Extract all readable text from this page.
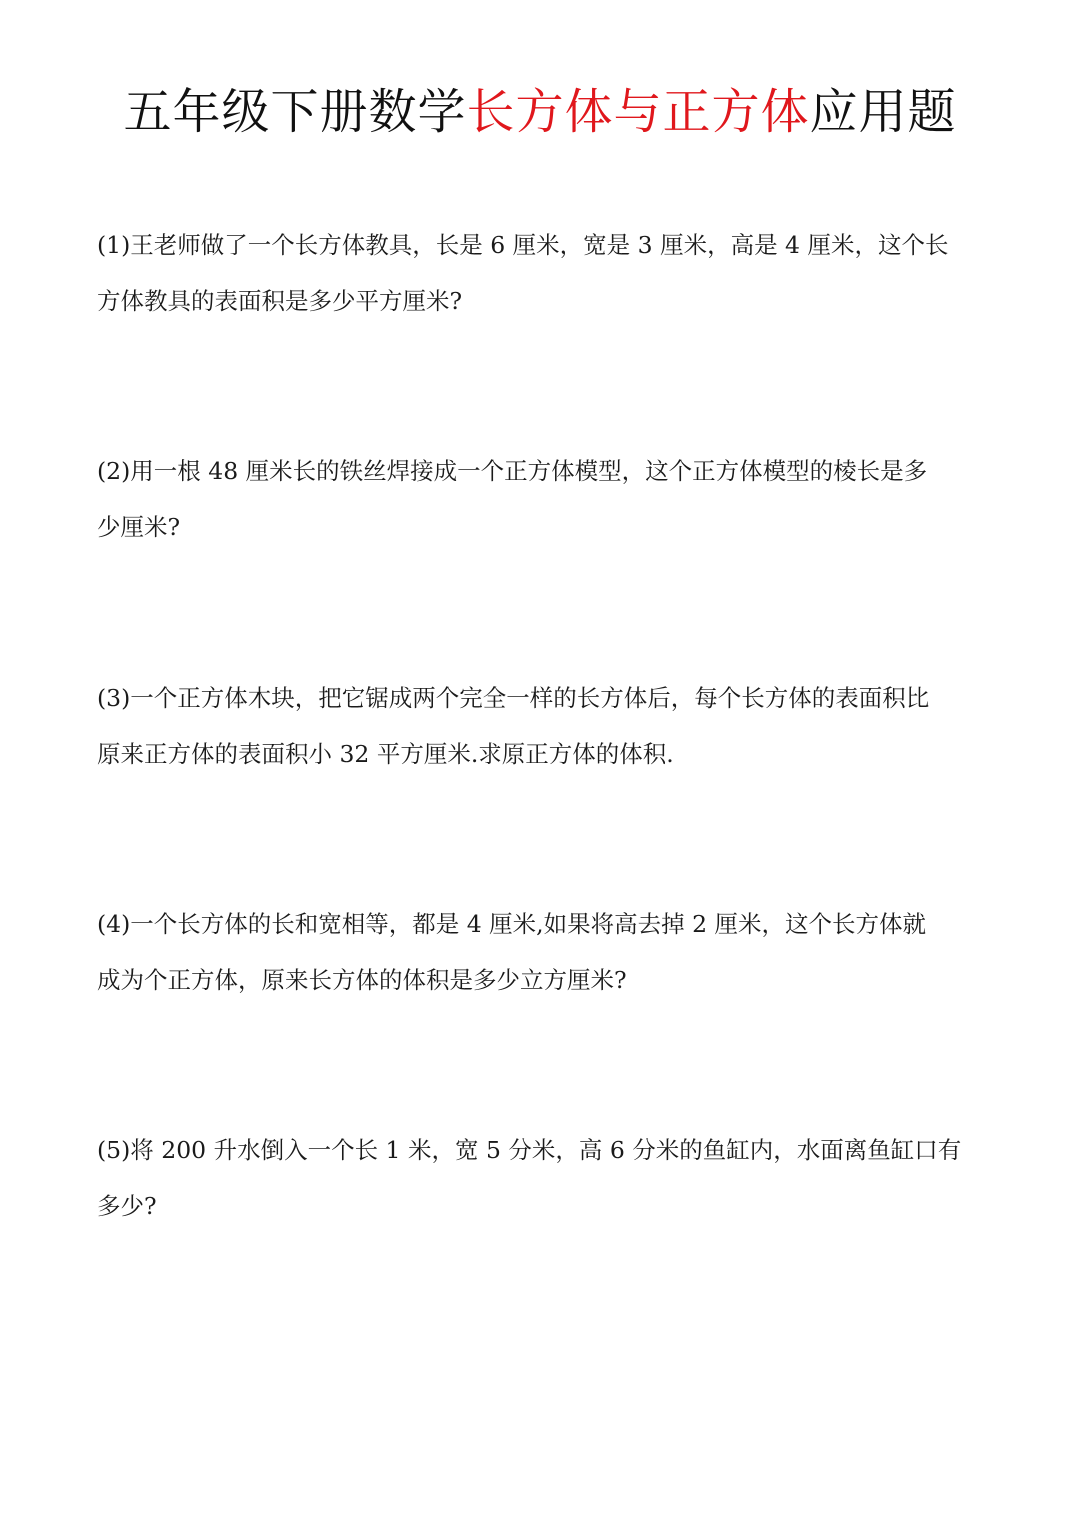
五年级下册数学长方体与正方体应用题

(1)王老师做了一个长方体教具，长是 6 厘米，宽是 3 厘米，高是 4 厘米，这个长

方体教具的表面积是多少平方厘米?

(2)用一根 48 厘米长的铁丝焊接成一个正方体模型，这个正方体模型的棱长是多

少厘米?

(3)一个正方体木块，把它锯成两个完全一样的长方体后，每个长方体的表面积比

原来正方体的表面积小 32 平方厘米.求原正方体的体积.

(4)一个长方体的长和宽相等，都是 4 厘米,如果将高去掉 2 厘米，这个长方体就

成为个正方体，原来长方体的体积是多少立方厘米?

(5)将 200 升水倒入一个长 1 米，宽 5 分米，高 6 分米的鱼缸内，水面离鱼缸口有

多少?
